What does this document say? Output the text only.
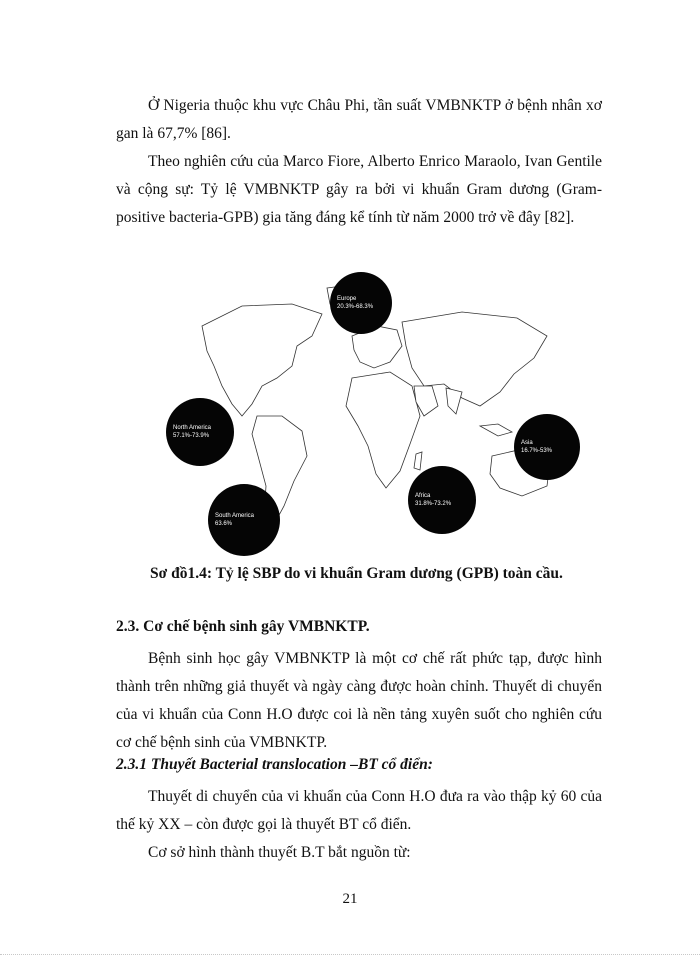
Ở Nigeria thuộc khu vực Châu Phi, tần suất VMBNKTP ở bệnh nhân xơ gan là 67,7% [86].

Theo nghiên cứu của Marco Fiore, Alberto Enrico Maraolo, Ivan Gentile và cộng sự: Tỷ lệ VMBNKTP gây ra bởi vi khuẩn Gram dương (Gram-positive bacteria-GPB) gia tăng đáng kể tính từ năm 2000 trở về đây [82].

Europe
20.3%-68.3%
North America
57.1%-73.9%
Asia
16.7%-53%
Africa
31.8%-73.2%
South America
63.6%

Sơ đồ1.4: Tỷ lệ SBP do vi khuẩn Gram dương (GPB) toàn cầu.

2.3. Cơ chế bệnh sinh gây VMBNKTP.

Bệnh sinh học gây VMBNKTP là một cơ chế rất phức tạp, được hình thành trên những giả thuyết và ngày càng được hoàn chỉnh. Thuyết di chuyển của vi khuẩn của Conn H.O được coi là nền tảng xuyên suốt cho nghiên cứu cơ chế bệnh sinh của VMBNKTP.

2.3.1 Thuyết Bacterial translocation –BT cổ điển:

Thuyết di chuyển của vi khuẩn của Conn H.O đưa ra vào thập kỷ 60 của thế kỷ XX – còn được gọi là thuyết BT cổ điển.

Cơ sở hình thành thuyết B.T bắt nguồn từ:

21
